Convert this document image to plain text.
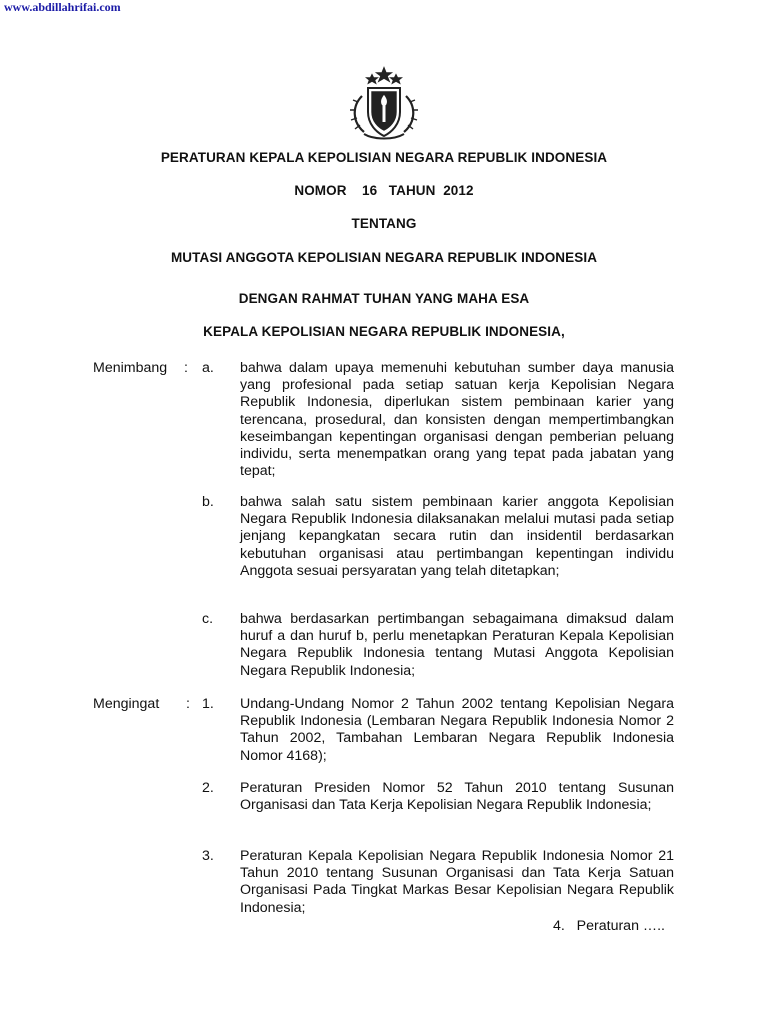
www.abdillahrifai.com
PERATURAN KEPALA KEPOLISIAN NEGARA REPUBLIK INDONESIA
NOMOR    16   TAHUN  2012
TENTANG
MUTASI ANGGOTA KEPOLISIAN NEGARA REPUBLIK INDONESIA
DENGAN RAHMAT TUHAN YANG MAHA ESA
KEPALA KEPOLISIAN NEGARA REPUBLIK INDONESIA,
Menimbang : a. bahwa dalam upaya memenuhi kebutuhan sumber daya manusia yang profesional pada setiap satuan kerja Kepolisian Negara Republik Indonesia, diperlukan sistem pembinaan karier yang terencana, prosedural, dan konsisten dengan mempertimbangkan keseimbangan kepentingan organisasi dengan pemberian peluang individu, serta menempatkan orang yang tepat pada jabatan yang tepat;
b. bahwa salah satu sistem pembinaan karier anggota Kepolisian Negara Republik Indonesia dilaksanakan melalui mutasi pada setiap jenjang kepangkatan secara rutin dan insidentil berdasarkan kebutuhan organisasi atau pertimbangan kepentingan individu Anggota sesuai persyaratan yang telah ditetapkan;
c. bahwa berdasarkan pertimbangan sebagaimana dimaksud dalam huruf a dan huruf b, perlu menetapkan Peraturan Kepala Kepolisian Negara Republik Indonesia tentang Mutasi Anggota Kepolisian Negara Republik Indonesia;
Mengingat : 1. Undang-Undang Nomor 2 Tahun 2002 tentang Kepolisian Negara Republik Indonesia (Lembaran Negara Republik Indonesia Nomor 2 Tahun 2002, Tambahan Lembaran Negara Republik Indonesia Nomor 4168);
2. Peraturan Presiden Nomor 52 Tahun 2010 tentang Susunan Organisasi dan Tata Kerja Kepolisian Negara Republik Indonesia;
3. Peraturan Kepala Kepolisian Negara Republik Indonesia Nomor 21 Tahun 2010 tentang Susunan Organisasi dan Tata Kerja Satuan Organisasi Pada Tingkat Markas Besar Kepolisian Negara Republik Indonesia;
4.   Peraturan …..
